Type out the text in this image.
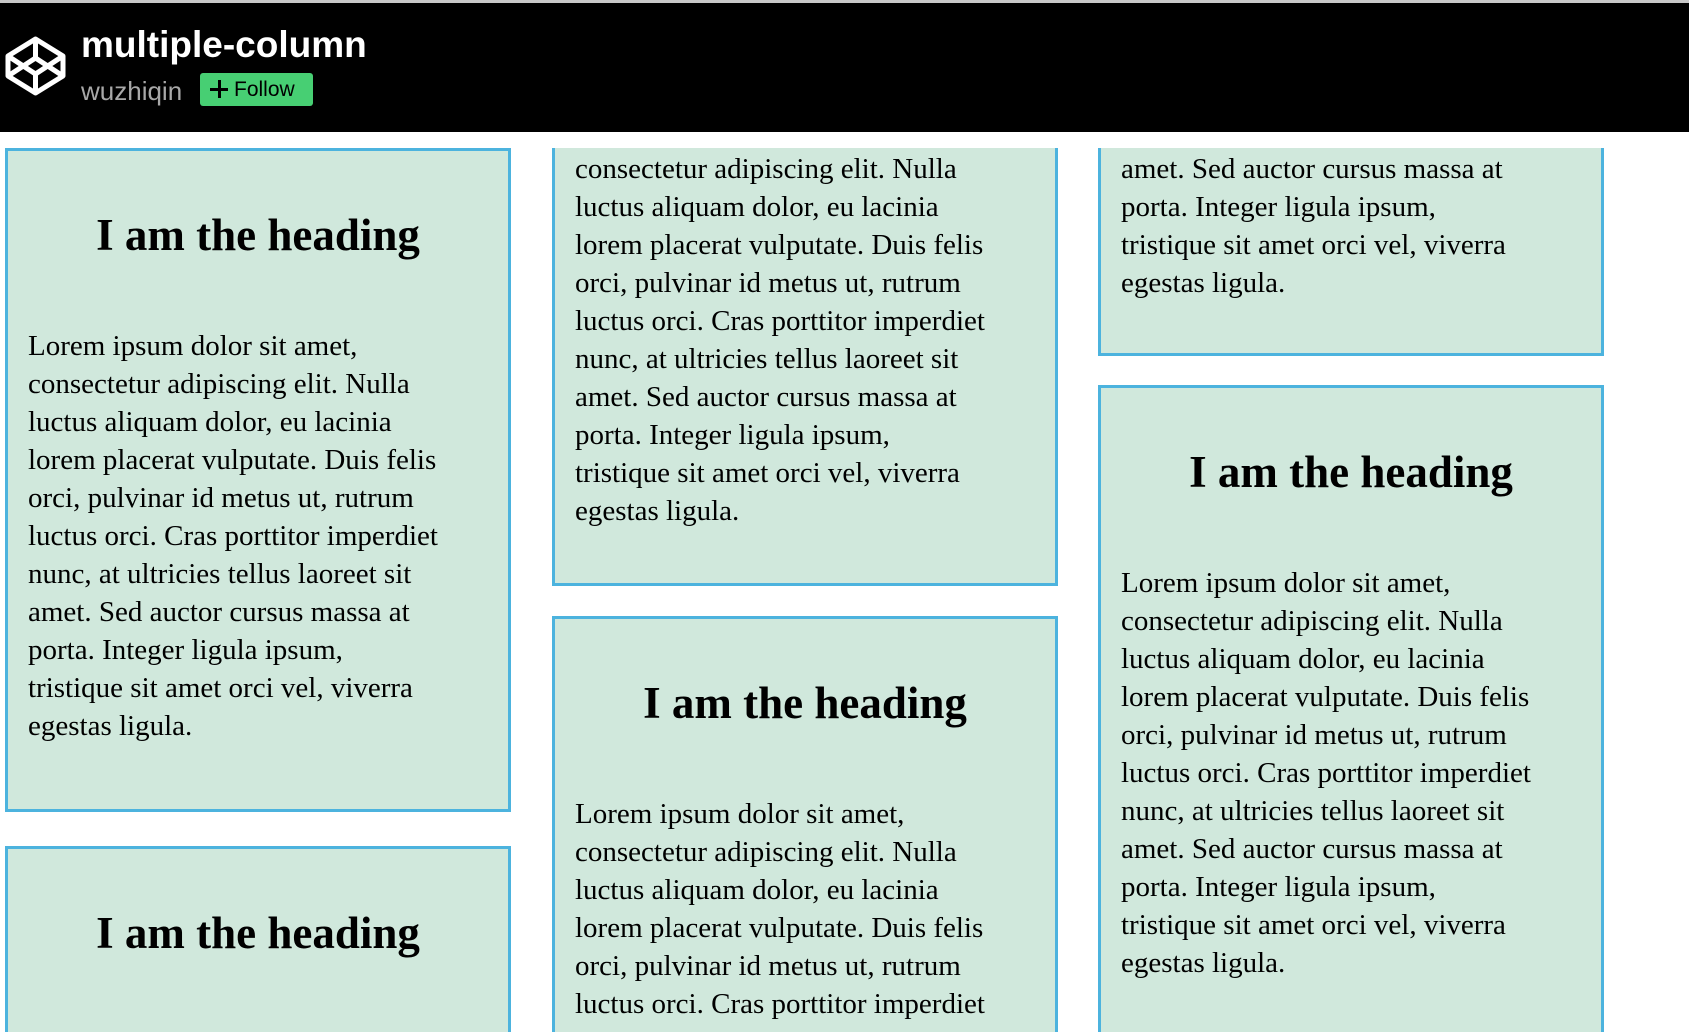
multiple-column
wuzhiqin	Follow
I am the heading

Lorem ipsum dolor sit amet,
consectetur adipiscing elit. Nulla
luctus aliquam dolor, eu lacinia
lorem placerat vulputate. Duis felis
orci, pulvinar id metus ut, rutrum
luctus orci. Cras porttitor imperdiet
nunc, at ultricies tellus laoreet sit
amet. Sed auctor cursus massa at
porta. Integer ligula ipsum,
tristique sit amet orci vel, viverra
egestas ligula.

I am the heading

consectetur adipiscing elit. Nulla
luctus aliquam dolor, eu lacinia
lorem placerat vulputate. Duis felis
orci, pulvinar id metus ut, rutrum
luctus orci. Cras porttitor imperdiet
nunc, at ultricies tellus laoreet sit
amet. Sed auctor cursus massa at
porta. Integer ligula ipsum,
tristique sit amet orci vel, viverra
egestas ligula.

I am the heading

Lorem ipsum dolor sit amet,
consectetur adipiscing elit. Nulla
luctus aliquam dolor, eu lacinia
lorem placerat vulputate. Duis felis
orci, pulvinar id metus ut, rutrum
luctus orci. Cras porttitor imperdiet

amet. Sed auctor cursus massa at
porta. Integer ligula ipsum,
tristique sit amet orci vel, viverra
egestas ligula.

I am the heading

Lorem ipsum dolor sit amet,
consectetur adipiscing elit. Nulla
luctus aliquam dolor, eu lacinia
lorem placerat vulputate. Duis felis
orci, pulvinar id metus ut, rutrum
luctus orci. Cras porttitor imperdiet
nunc, at ultricies tellus laoreet sit
amet. Sed auctor cursus massa at
porta. Integer ligula ipsum,
tristique sit amet orci vel, viverra
egestas ligula.
